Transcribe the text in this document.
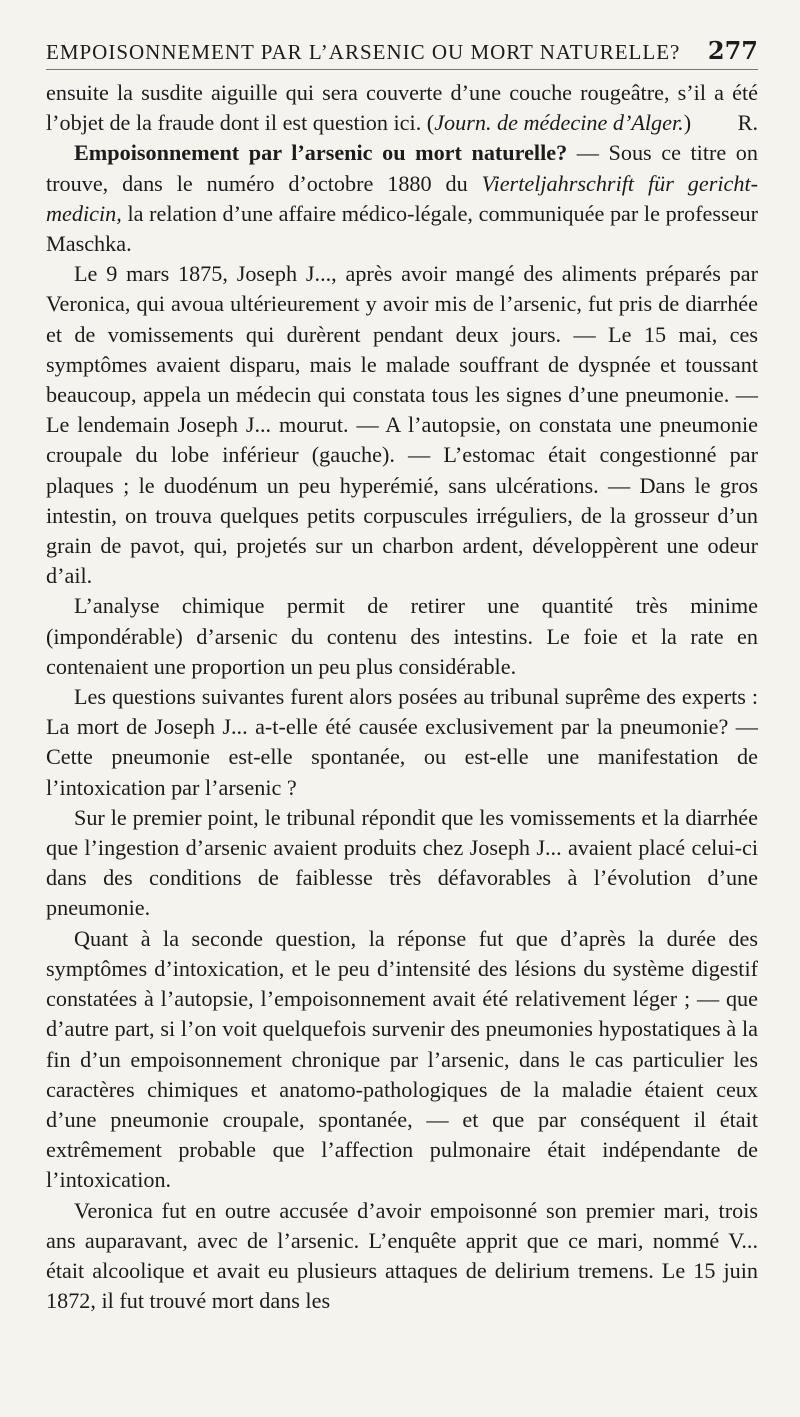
EMPOISONNEMENT PAR L’ARSENIC OU MORT NATURELLE? 277

ensuite la susdite aiguille qui sera couverte d’une couche rougeâtre, s’il a été l’objet de la fraude dont il est question ici. (Journ. de médecine d’Alger.) R.

Empoisonnement par l’arsenic ou mort naturelle? — Sous ce titre on trouve, dans le numéro d’octobre 1880 du Vierteljahrschrift für gericht-medicin, la relation d’une affaire médico-légale, communiquée par le professeur Maschka.

Le 9 mars 1875, Joseph J..., après avoir mangé des aliments préparés par Veronica, qui avoua ultérieurement y avoir mis de l’arsenic, fut pris de diarrhée et de vomissements qui durèrent pendant deux jours. — Le 15 mai, ces symptômes avaient disparu, mais le malade souffrant de dyspnée et toussant beaucoup, appela un médecin qui constata tous les signes d’une pneumonie. — Le lendemain Joseph J... mourut. — A l’autopsie, on constata une pneumonie croupale du lobe inférieur (gauche). — L’estomac était congestionné par plaques ; le duodénum un peu hyperémié, sans ulcérations. — Dans le gros intestin, on trouva quelques petits corpuscules irréguliers, de la grosseur d’un grain de pavot, qui, projetés sur un charbon ardent, développèrent une odeur d’ail.

L’analyse chimique permit de retirer une quantité très minime (impondérable) d’arsenic du contenu des intestins. Le foie et la rate en contenaient une proportion un peu plus considérable.

Les questions suivantes furent alors posées au tribunal suprême des experts : La mort de Joseph J... a-t-elle été causée exclusivement par la pneumonie? — Cette pneumonie est-elle spontanée, ou est-elle une manifestation de l’intoxication par l’arsenic ?

Sur le premier point, le tribunal répondit que les vomissements et la diarrhée que l’ingestion d’arsenic avaient produits chez Joseph J... avaient placé celui-ci dans des conditions de faiblesse très défavorables à l’évolution d’une pneumonie.

Quant à la seconde question, la réponse fut que d’après la durée des symptômes d’intoxication, et le peu d’intensité des lésions du système digestif constatées à l’autopsie, l’empoisonnement avait été relativement léger ; — que d’autre part, si l’on voit quelquefois survenir des pneumonies hypostatiques à la fin d’un empoisonnement chronique par l’arsenic, dans le cas particulier les caractères chimiques et anatomo-pathologiques de la maladie étaient ceux d’une pneumonie croupale, spontanée, — et que par conséquent il était extrêmement probable que l’affection pulmonaire était indépendante de l’intoxication.

Veronica fut en outre accusée d’avoir empoisonné son premier mari, trois ans auparavant, avec de l’arsenic. L’enquête apprit que ce mari, nommé V... était alcoolique et avait eu plusieurs attaques de delirium tremens. Le 15 juin 1872, il fut trouvé mort dans les
